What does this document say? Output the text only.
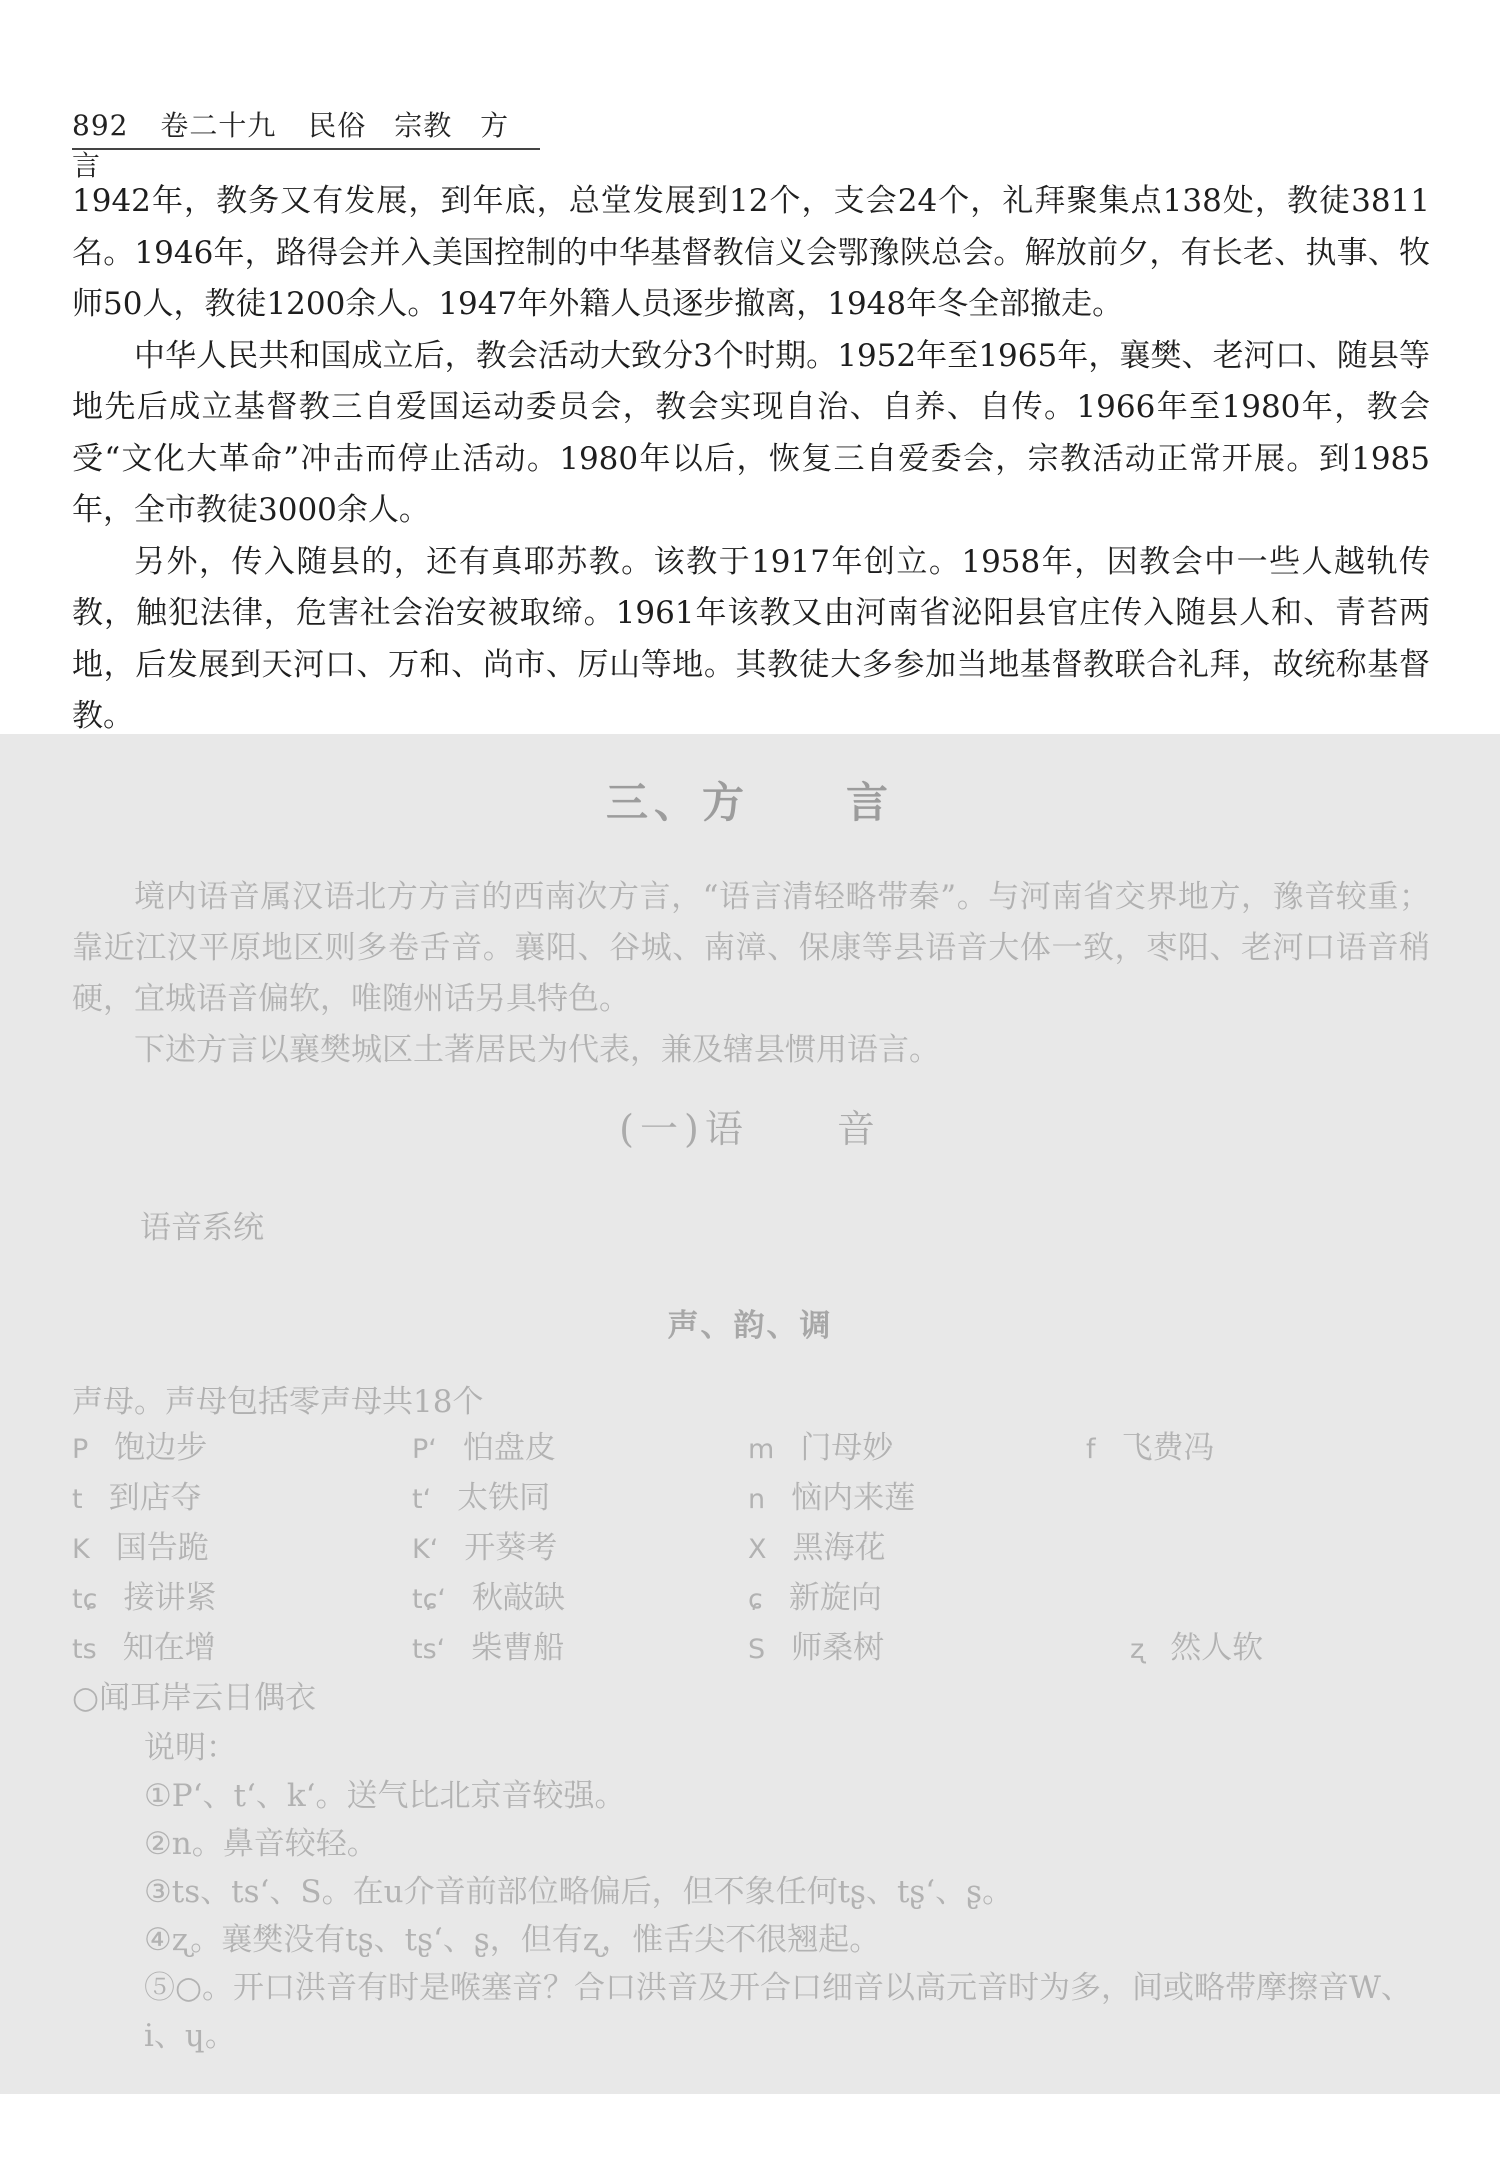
892 卷二十九 民俗 宗教 方言

1942年，教务又有发展，到年底，总堂发展到12个，支会24个，礼拜聚集点138处，教徒3811名。1946年，路得会并入美国控制的中华基督教信义会鄂豫陕总会。解放前夕，有长老、执事、牧师50人，教徒1200余人。1947年外籍人员逐步撤离，1948年冬全部撤走。

中华人民共和国成立后，教会活动大致分3个时期。1952年至1965年，襄樊、老河口、随县等地先后成立基督教三自爱国运动委员会，教会实现自治、自养、自传。1966年至1980年，教会受“文化大革命”冲击而停止活动。1980年以后，恢复三自爱委会，宗教活动正常开展。到1985年，全市教徒3000余人。

另外，传入随县的，还有真耶苏教。该教于1917年创立。1958年，因教会中一些人越轨传教，触犯法律，危害社会治安被取缔。1961年该教又由河南省泌阳县官庄传入随县人和、青苔两地，后发展到天河口、万和、尚市、厉山等地。其教徒大多参加当地基督教联合礼拜，故统称基督教。

三、方　　言

境内语音属汉语北方方言的西南次方言，“语言清轻略带秦”。与河南省交界地方，豫音较重；靠近江汉平原地区则多卷舌音。襄阳、谷城、南漳、保康等县语音大体一致，枣阳、老河口语音稍硬，宜城语音偏软，唯随州话另具特色。

下述方言以襄樊城区土著居民为代表，兼及辖县惯用语言。

(一)语　　音
语音系统
声、韵、调
声母。声母包括零声母共18个
P 饱边步	P‘ 怕盘皮	m 门母妙	f 飞费冯
t 到店夺	t‘ 太铁同	n 恼内来莲
K 国告跪	K‘ 开葵考	X 黑海花
tɕ 接讲紧	tɕ‘ 秋敲缺	ɕ 新旋向
ts 知在增	ts‘ 柴曹船	S 师桑树	ʐ 然人软
○闻耳岸云日偶衣

说明：

①P‘、t‘、k‘。送气比北京音较强。

②n。鼻音较轻。

③ts、ts‘、S。在u介音前部位略偏后，但不象任何tʂ、tʂ‘、ʂ。

④ʐ。襄樊没有tʂ、tʂ‘、ʂ，但有ʐ，惟舌尖不很翘起。

⑤○。开口洪音有时是喉塞音？合口洪音及开合口细音以高元音时为多，间或略带摩擦音W、i、ɥ。
